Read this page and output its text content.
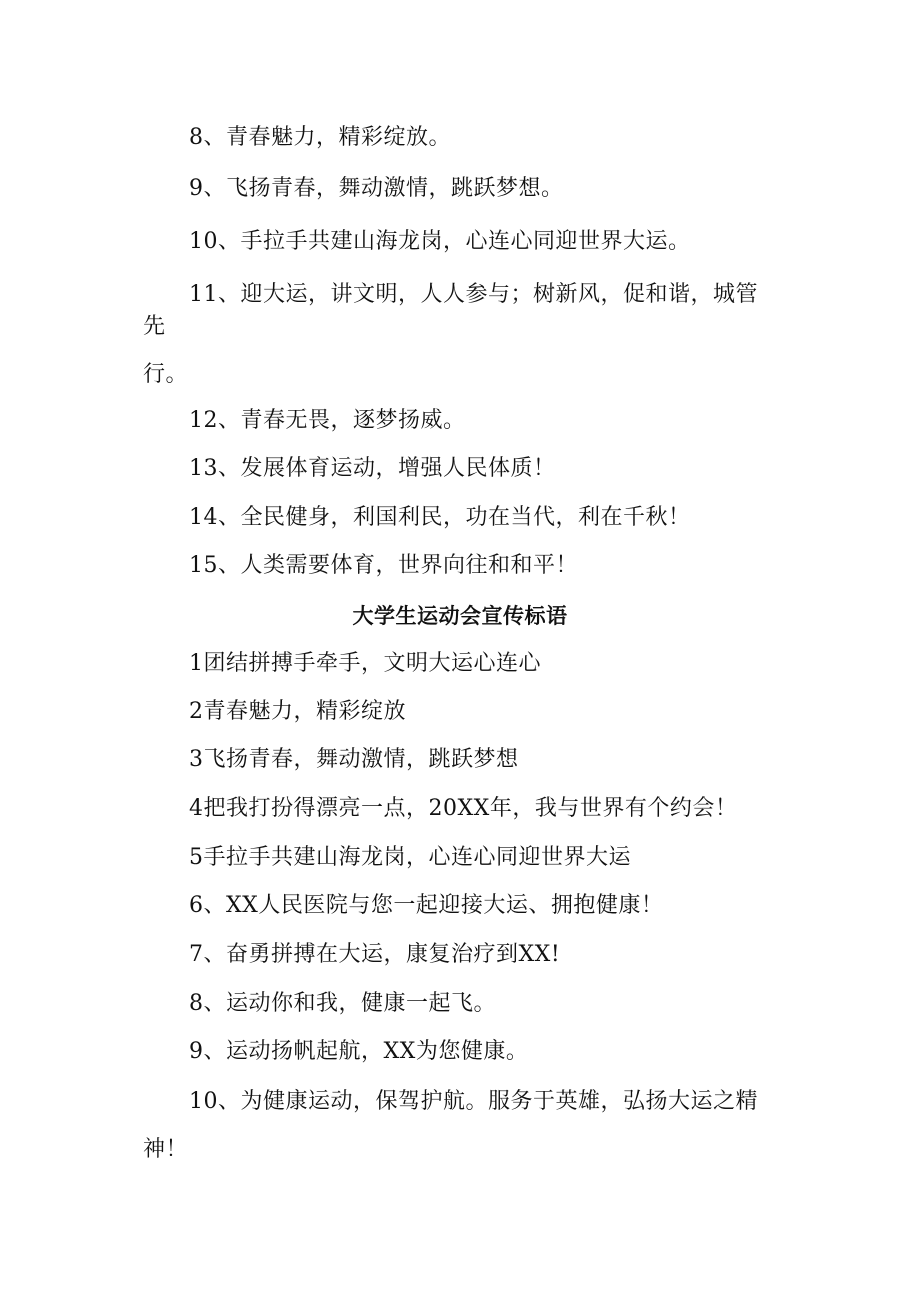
8、青春魅力，精彩绽放。
9、飞扬青春，舞动激情，跳跃梦想。
10、手拉手共建山海龙岗，心连心同迎世界大运。
11、迎大运，讲文明，人人参与；树新风，促和谐，城管
先
行。
12、青春无畏，逐梦扬威。
13、发展体育运动，增强人民体质！
14、全民健身，利国利民，功在当代，利在千秋！
15、人类需要体育，世界向往和和平！
大学生运动会宣传标语
1团结拼搏手牵手，文明大运心连心
2青春魅力，精彩绽放
3飞扬青春，舞动激情，跳跃梦想
4把我打扮得漂亮一点，20XX年，我与世界有个约会！
5手拉手共建山海龙岗，心连心同迎世界大运
6、XX人民医院与您一起迎接大运、拥抱健康！
7、奋勇拼搏在大运，康复治疗到XX!
8、运动你和我，健康一起飞。
9、运动扬帆起航，XX为您健康。
10、为健康运动，保驾护航。服务于英雄，弘扬大运之精
神！
